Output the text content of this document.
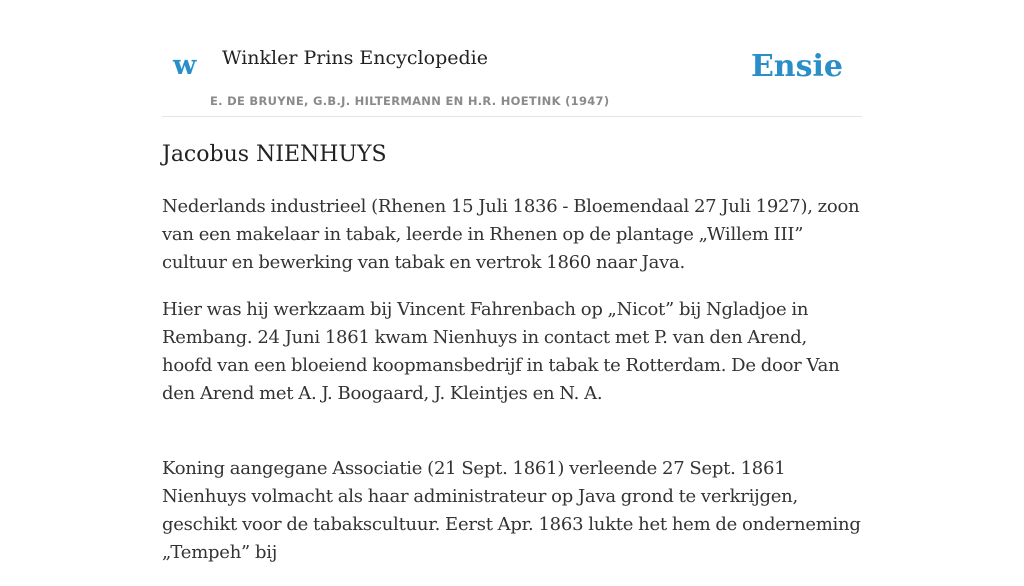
w Winkler Prins Encyclopedie
E. DE BRUYNE, G.B.J. HILTERMANN EN H.R. HOETINK (1947)
Ensie
Jacobus NIENHUYS

Nederlands industrieel (Rhenen 15 Juli 1836 - Bloemendaal 27 Juli 1927), zoon van een makelaar in tabak, leerde in Rhenen op de plantage „Willem III” cultuur en bewerking van tabak en vertrok 1860 naar Java.

Hier was hij werkzaam bij Vincent Fahrenbach op „Nicot” bij Ngladjoe in Rembang. 24 Juni 1861 kwam Nienhuys in contact met P. van den Arend, hoofd van een bloeiend koopmansbedrijf in tabak te Rotterdam. De door Van den Arend met A. J. Boogaard, J. Kleintjes en N. A.

Koning aangegane Associatie (21 Sept. 1861) verleende 27 Sept. 1861 Nienhuys volmacht als haar administrateur op Java grond te verkrijgen, geschikt voor de tabakscultuur. Eerst Apr. 1863 lukte het hem de onderneming „Tempeh” bij
